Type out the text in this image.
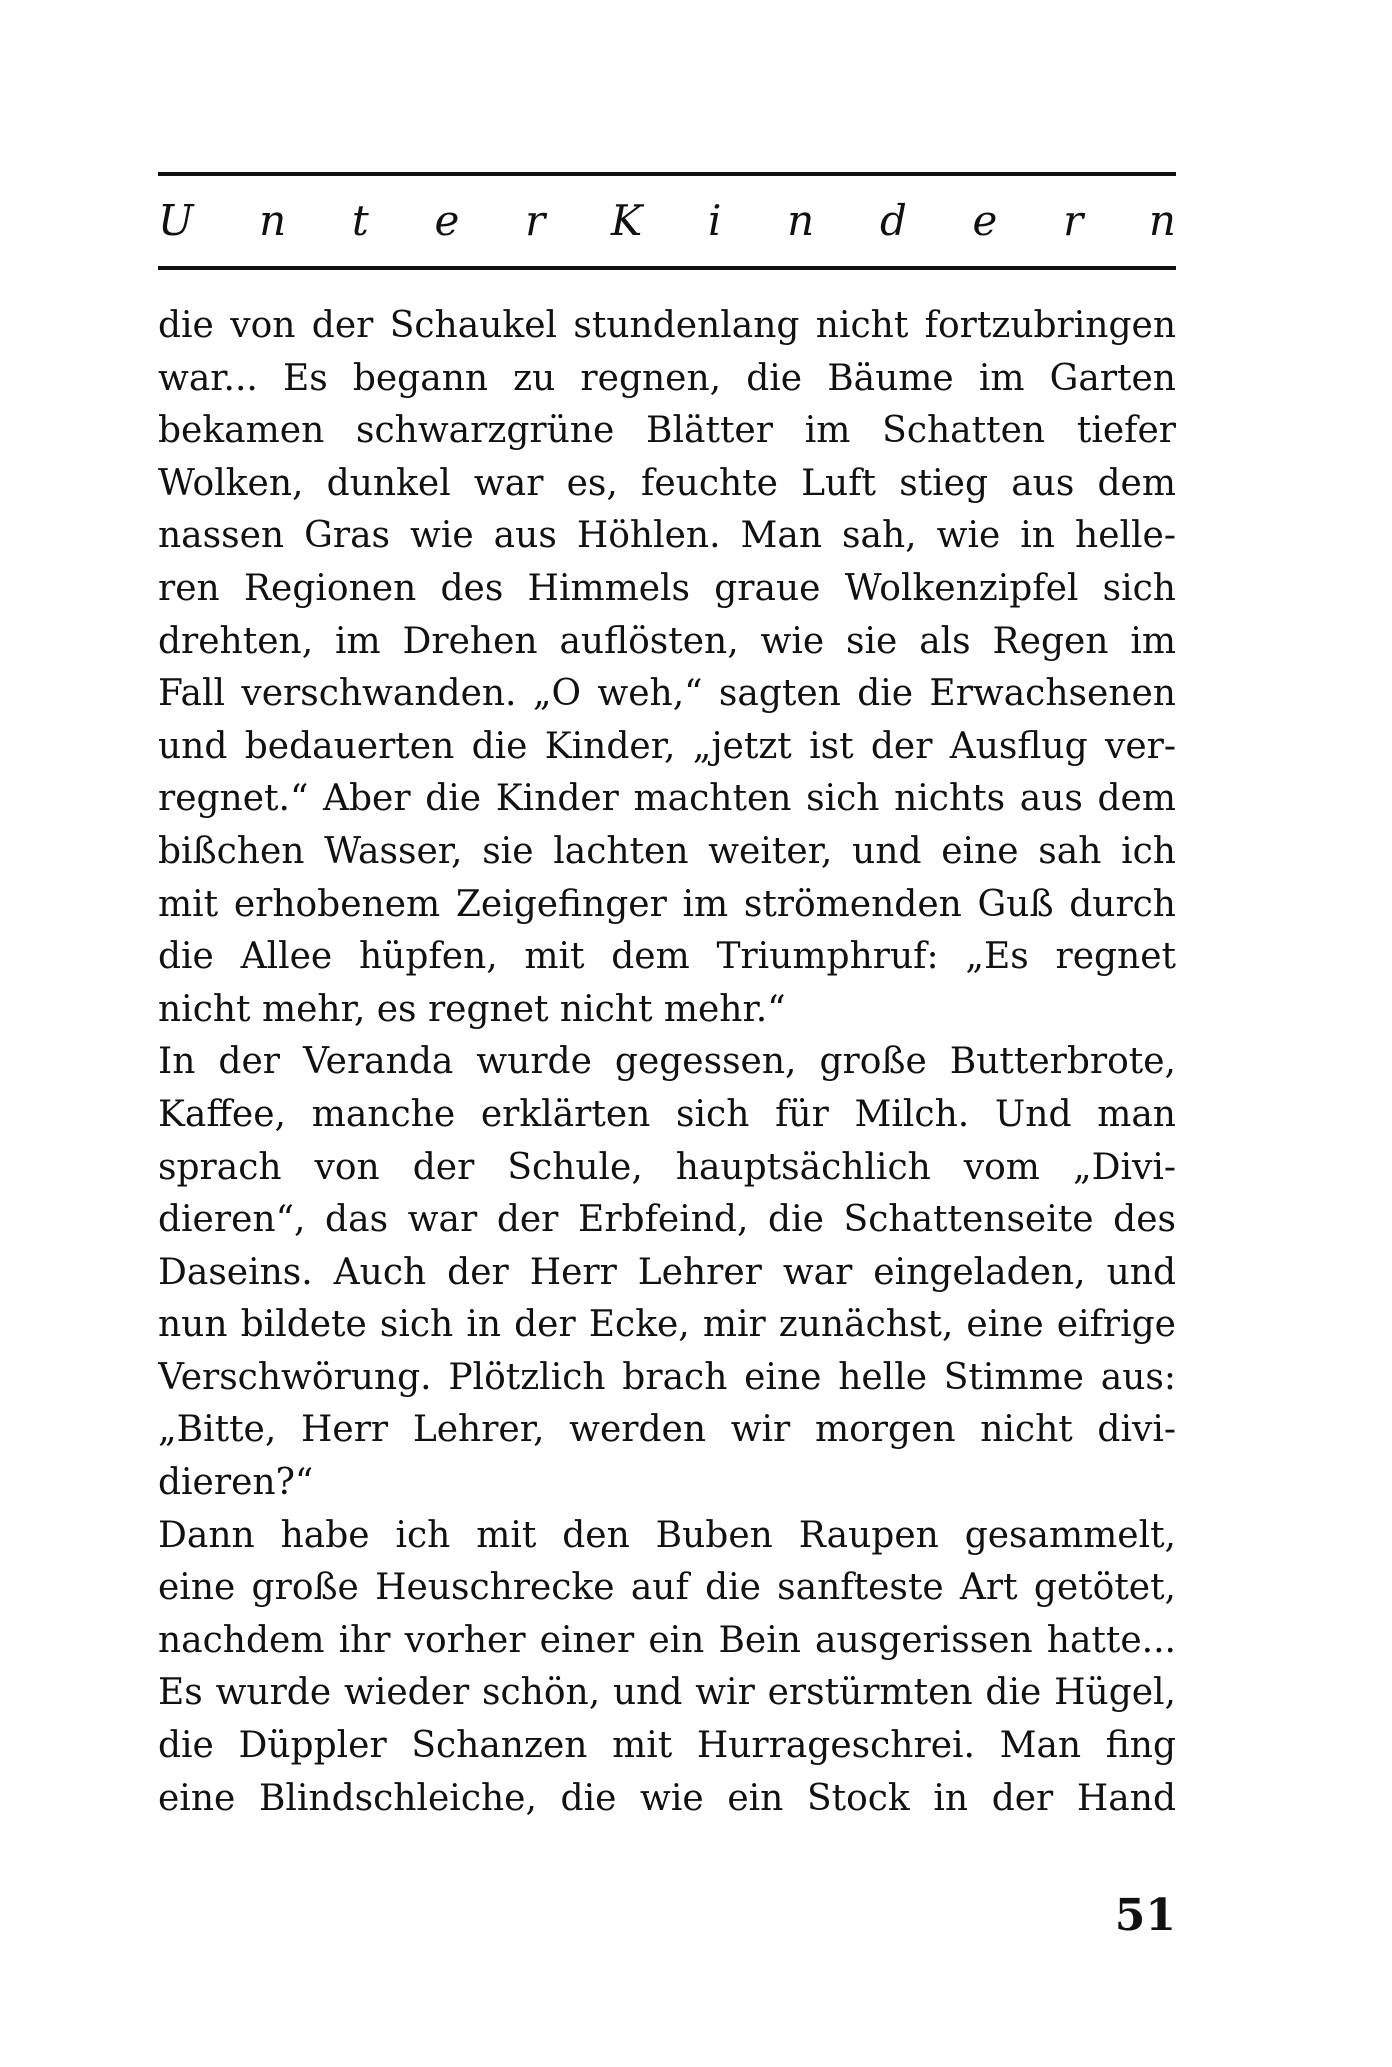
U n t e r K i n d e r n
die von der Schaukel stundenlang nicht fortzubringen
war... Es begann zu regnen, die Bäume im Garten
bekamen schwarzgrüne Blätter im Schatten tiefer
Wolken, dunkel war es, feuchte Luft stieg aus dem
nassen Gras wie aus Höhlen. Man sah, wie in helle-
ren Regionen des Himmels graue Wolkenzipfel sich
drehten, im Drehen auflösten, wie sie als Regen im
Fall verschwanden. „O weh,“ sagten die Erwachsenen
und bedauerten die Kinder, „jetzt ist der Ausflug ver-
regnet.“ Aber die Kinder machten sich nichts aus dem
bißchen Wasser, sie lachten weiter, und eine sah ich
mit erhobenem Zeigefinger im strömenden Guß durch
die Allee hüpfen, mit dem Triumphruf: „Es regnet
nicht mehr, es regnet nicht mehr.“
In der Veranda wurde gegessen, große Butterbrote,
Kaffee, manche erklärten sich für Milch. Und man
sprach von der Schule, hauptsächlich vom „Divi-
dieren“, das war der Erbfeind, die Schattenseite des
Daseins. Auch der Herr Lehrer war eingeladen, und
nun bildete sich in der Ecke, mir zunächst, eine eifrige
Verschwörung. Plötzlich brach eine helle Stimme aus:
„Bitte, Herr Lehrer, werden wir morgen nicht divi-
dieren?“
Dann habe ich mit den Buben Raupen gesammelt,
eine große Heuschrecke auf die sanfteste Art getötet,
nachdem ihr vorher einer ein Bein ausgerissen hatte...
Es wurde wieder schön, und wir erstürmten die Hügel,
die Düppler Schanzen mit Hurrageschrei. Man fing
eine Blindschleiche, die wie ein Stock in der Hand
51
